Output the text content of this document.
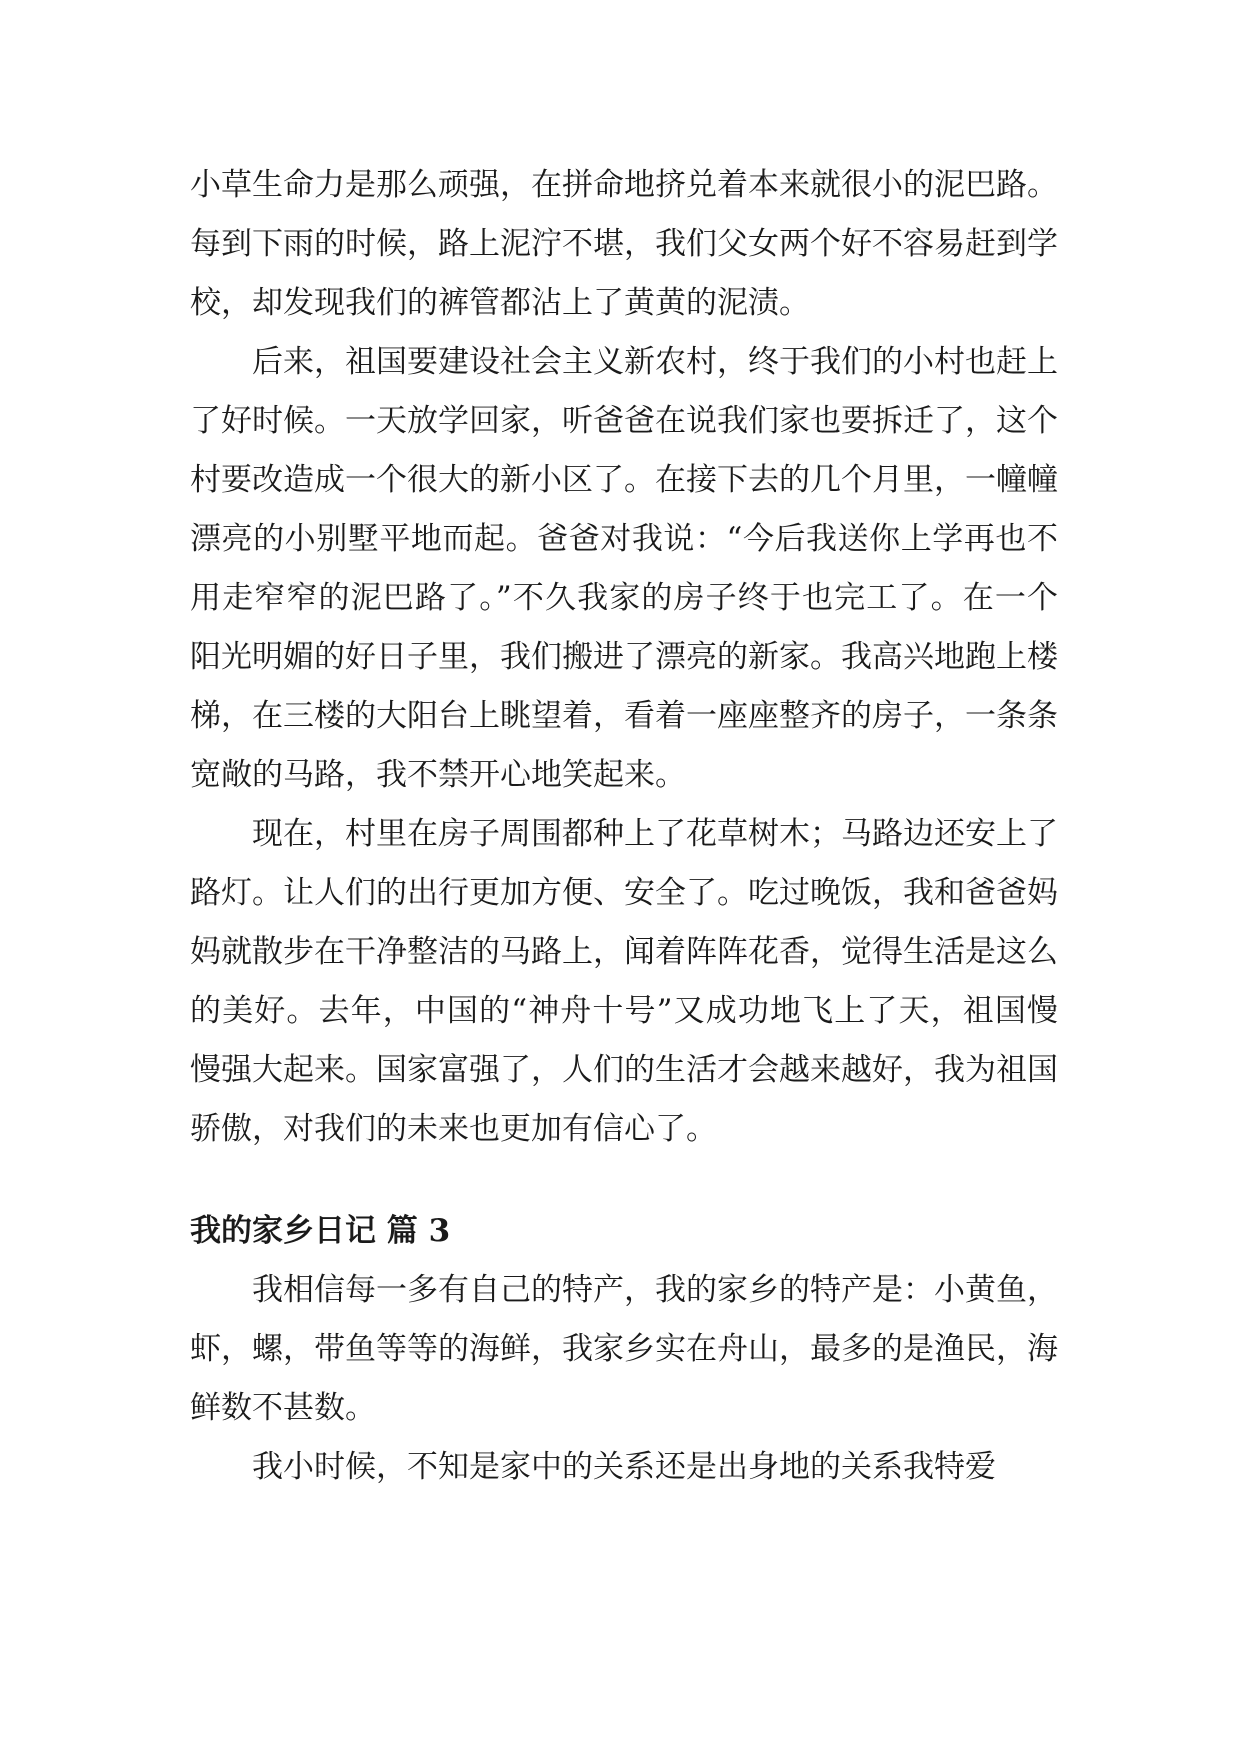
小草生命力是那么顽强，在拼命地挤兑着本来就很小的泥巴路。每到下雨的时候，路上泥泞不堪，我们父女两个好不容易赶到学校，却发现我们的裤管都沾上了黄黄的泥渍。

后来，祖国要建设社会主义新农村，终于我们的小村也赶上了好时候。一天放学回家，听爸爸在说我们家也要拆迁了，这个村要改造成一个很大的新小区了。在接下去的几个月里，一幢幢漂亮的小别墅平地而起。爸爸对我说：“今后我送你上学再也不用走窄窄的泥巴路了。”不久我家的房子终于也完工了。在一个阳光明媚的好日子里，我们搬进了漂亮的新家。我高兴地跑上楼梯，在三楼的大阳台上眺望着，看着一座座整齐的房子，一条条宽敞的马路，我不禁开心地笑起来。

现在，村里在房子周围都种上了花草树木；马路边还安上了路灯。让人们的出行更加方便、安全了。吃过晚饭，我和爸爸妈妈就散步在干净整洁的马路上，闻着阵阵花香，觉得生活是这么的美好。去年，中国的“神舟十号”又成功地飞上了天，祖国慢慢强大起来。国家富强了，人们的生活才会越来越好，我为祖国骄傲，对我们的未来也更加有信心了。

我的家乡日记 篇 3

我相信每一多有自己的特产，我的家乡的特产是：小黄鱼，虾，螺，带鱼等等的海鲜，我家乡实在舟山，最多的是渔民，海鲜数不甚数。

我小时候，不知是家中的关系还是出身地的关系我特爱
